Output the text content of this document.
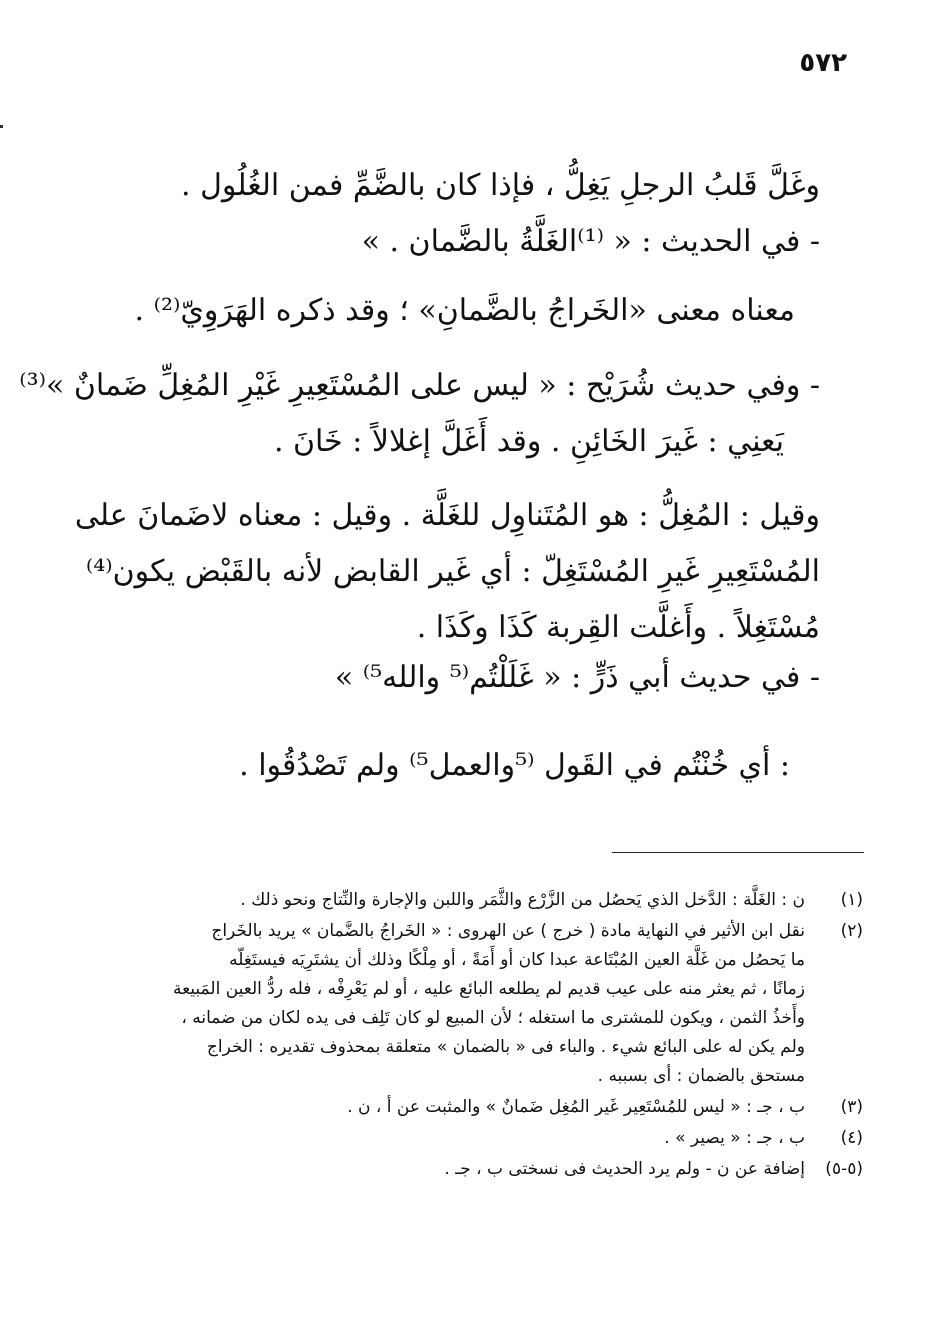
٥٧٢
وغَلَّ قَلبُ الرجلِ يَغِلُّ ، فإذا كان بالضَّمِّ فمن الغُلُول .
- في الحديث : « ⁽¹⁾الغَلَّةُ بالضَّمان . »
معناه معنى «الخَراجُ بالضَّمانِ» ؛ وقد ذكره الهَرَوِيّ⁽²⁾ .
- وفي حديث شُرَيْح : « ليس على المُسْتَعِيرِ غَيْرِ المُغِلِّ ضَمانٌ »⁽³⁾
يَعنِي : غَيرَ الخَائِنِ . وقد أَغَلَّ إغلالاً : خَانَ .
وقيل : المُغِلُّ : هو المُتَناوِل للغَلَّة . وقيل : معناه لاضَمانَ على
المُسْتَعِيرِ غَيرِ المُسْتَغِلّ : أي غَير القابض لأنه بالقَبْض يكون⁽⁴⁾
مُسْتَغِلاً . وأَغلَّت القِربة كَذَا وكَذَا .
- في حديث أبي ذَرٍّ : « غَلَلْتُم⁽⁵ والله⁵⁾ »
: أي خُنْتُم في القَول ⁽⁵والعمل⁵⁾ ولم تَصْدُقُوا .
(١)
ن : الغَلَّة : الدَّخل الذي يَحصُل من الزَّرْع والثَّمَر واللبن والإجارة والنِّتاج ونحو ذلك .
(٢)
نقل ابن الأثير في النهاية مادة ( خرج ) عن الهروى : « الخَراجُ بالضَّمان » يريد بالخَراج
ما يَحصُل من غَلَّة العين المُبْتَاعة عبدا كان أو أَمَةً ، أو مِلْكًا وذلك أن يشتَرِيَه فيستَغِلّه
زمانًا ، ثم يعثر منه على عيب قديم لم يطلعه البائع عليه ، أو لم يَعْرِفْه ، فله ردُّ العين المَبيعة
وأَخذُ الثمن ، ويكون للمشترى ما استغله ؛ لأن المبيع لو كان تَلِف فى يده لكان من ضمانه ،
ولم يكن له على البائع شيء . والباء فى « بالضمان » متعلقة بمحذوف تقديره : الخراج
مستحق بالضمان : أى بسببه .
(٣)
ب ، جـ : « ليس للمُسْتَعِير غَير المُغِل ضَمانٌ » والمثبت عن أ ، ن .
(٤)
ب ، جـ : « يصير » .
(٥-٥)
إضافة عن ن - ولم يرد الحديث فى نسختى ب ، جـ .
